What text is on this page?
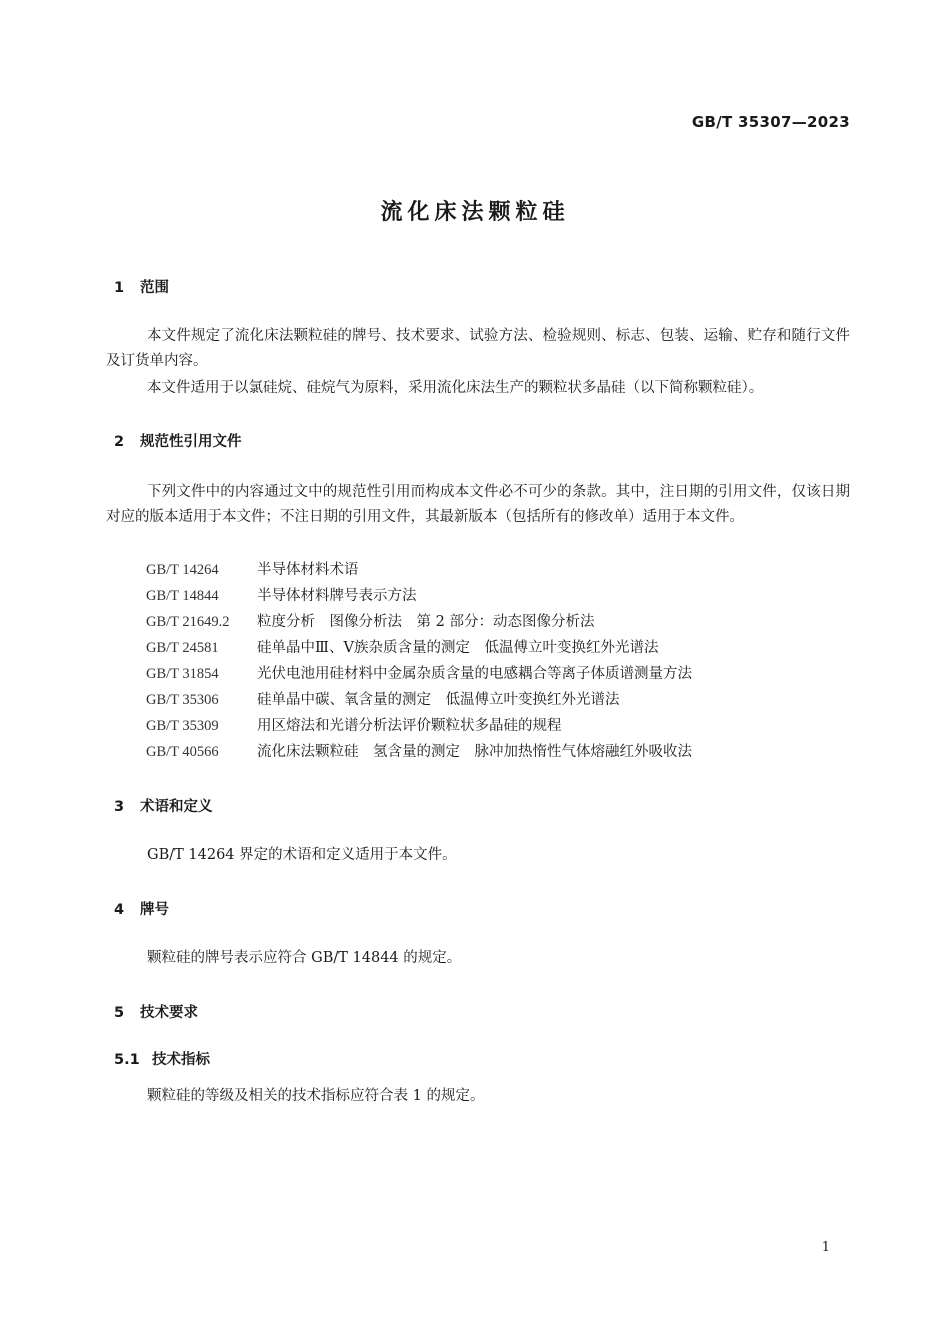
GB/T 35307—2023
流化床法颗粒硅
1 范围
本文件规定了流化床法颗粒硅的牌号、技术要求、试验方法、检验规则、标志、包装、运输、贮存和随行文件及订货单内容。
本文件适用于以氯硅烷、硅烷气为原料，采用流化床法生产的颗粒状多晶硅（以下简称颗粒硅）。
2 规范性引用文件
下列文件中的内容通过文中的规范性引用而构成本文件必不可少的条款。其中，注日期的引用文件，仅该日期对应的版本适用于本文件；不注日期的引用文件，其最新版本（包括所有的修改单）适用于本文件。
GB/T 14264	半导体材料术语
GB/T 14844	半导体材料牌号表示方法
GB/T 21649.2 粒度分析　图像分析法　第 2 部分：动态图像分析法
GB/T 24581	硅单晶中Ⅲ、Ⅴ族杂质含量的测定　低温傅立叶变换红外光谱法
GB/T 31854	光伏电池用硅材料中金属杂质含量的电感耦合等离子体质谱测量方法
GB/T 35306	硅单晶中碳、氧含量的测定　低温傅立叶变换红外光谱法
GB/T 35309	用区熔法和光谱分析法评价颗粒状多晶硅的规程
GB/T 40566	流化床法颗粒硅　氢含量的测定　脉冲加热惰性气体熔融红外吸收法
3 术语和定义
GB/T 14264 界定的术语和定义适用于本文件。
4 牌号
颗粒硅的牌号表示应符合 GB/T 14844 的规定。
5 技术要求
5.1 技术指标
颗粒硅的等级及相关的技术指标应符合表 1 的规定。
1
